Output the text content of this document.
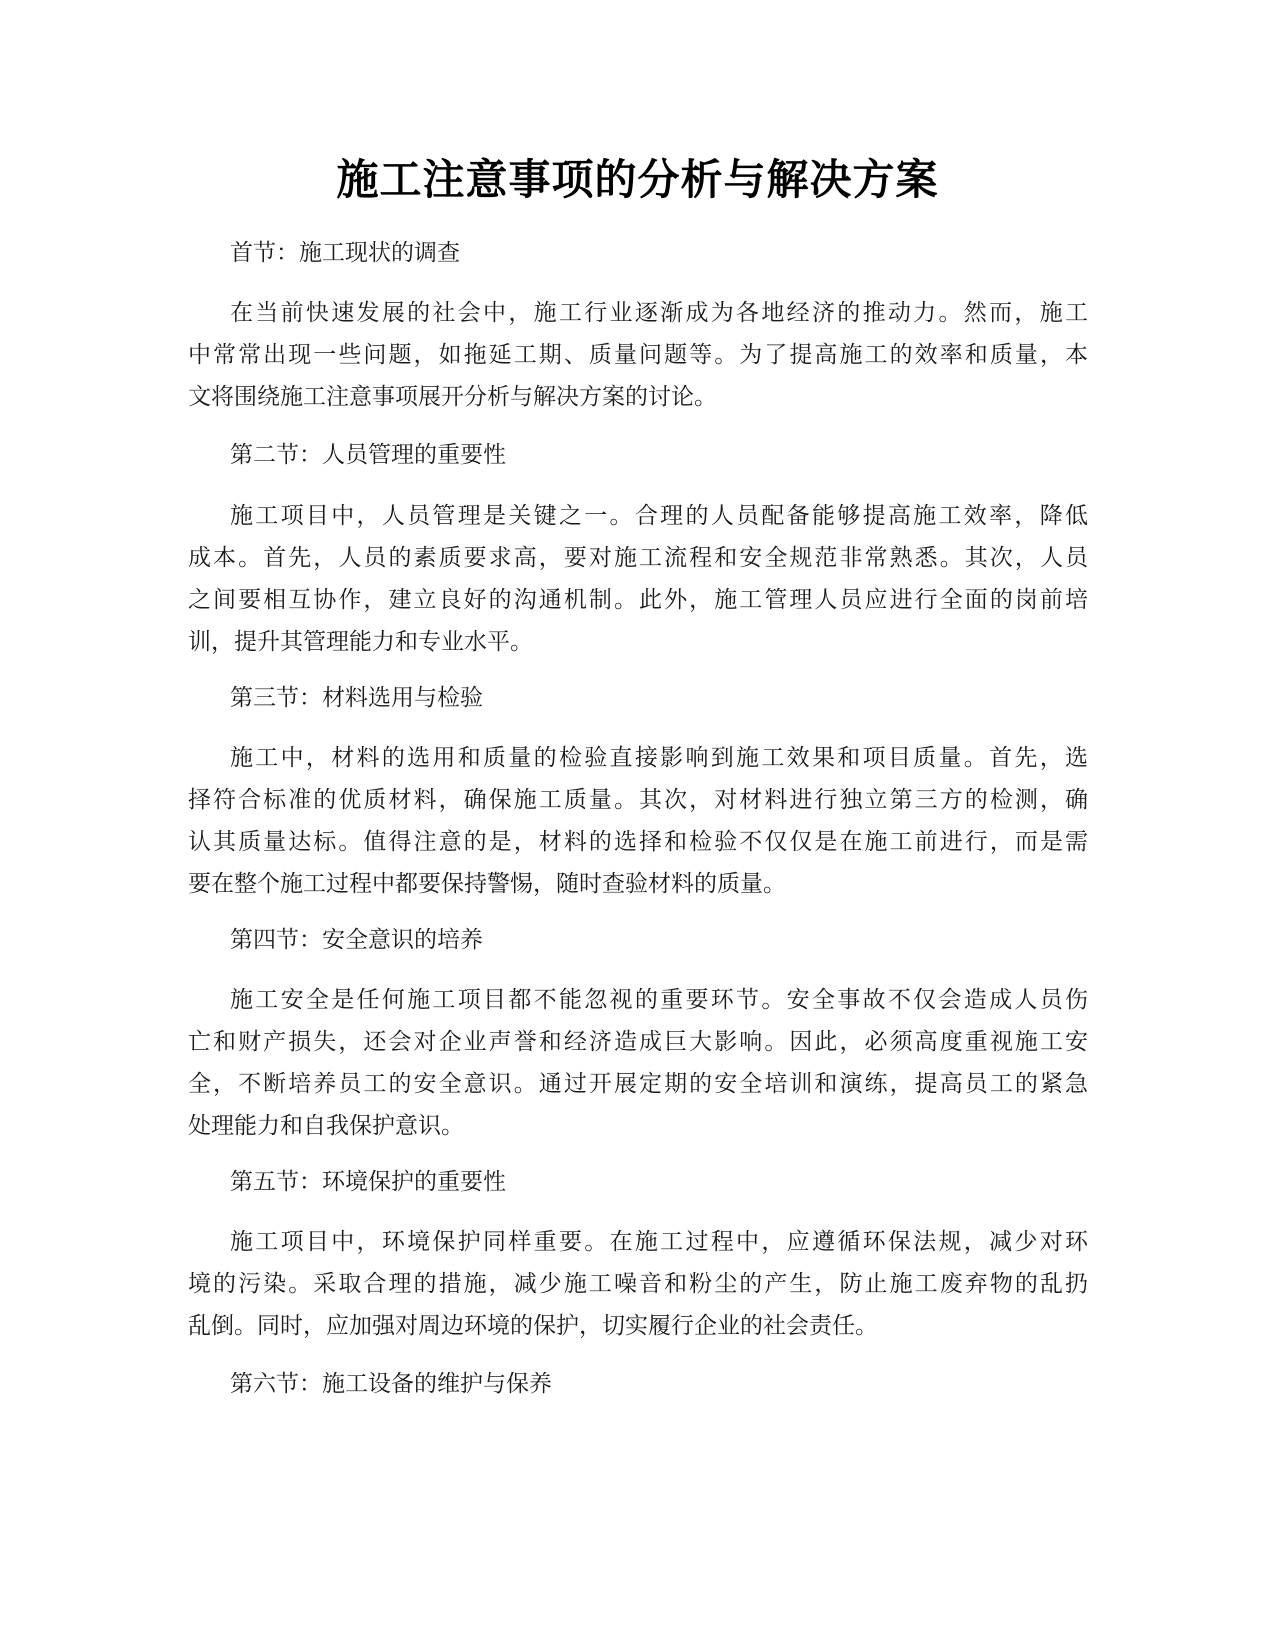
施工注意事项的分析与解决方案
首节：施工现状的调查
在当前快速发展的社会中，施工行业逐渐成为各地经济的推动力。然而，施工
中常常出现一些问题，如拖延工期、质量问题等。为了提高施工的效率和质量，本
文将围绕施工注意事项展开分析与解决方案的讨论。
第二节：人员管理的重要性
施工项目中，人员管理是关键之一。合理的人员配备能够提高施工效率，降低
成本。首先，人员的素质要求高，要对施工流程和安全规范非常熟悉。其次，人员
之间要相互协作，建立良好的沟通机制。此外，施工管理人员应进行全面的岗前培
训，提升其管理能力和专业水平。
第三节：材料选用与检验
施工中，材料的选用和质量的检验直接影响到施工效果和项目质量。首先，选
择符合标准的优质材料，确保施工质量。其次，对材料进行独立第三方的检测，确
认其质量达标。值得注意的是，材料的选择和检验不仅仅是在施工前进行，而是需
要在整个施工过程中都要保持警惕，随时查验材料的质量。
第四节：安全意识的培养
施工安全是任何施工项目都不能忽视的重要环节。安全事故不仅会造成人员伤
亡和财产损失，还会对企业声誉和经济造成巨大影响。因此，必须高度重视施工安
全，不断培养员工的安全意识。通过开展定期的安全培训和演练，提高员工的紧急
处理能力和自我保护意识。
第五节：环境保护的重要性
施工项目中，环境保护同样重要。在施工过程中，应遵循环保法规，减少对环
境的污染。采取合理的措施，减少施工噪音和粉尘的产生，防止施工废弃物的乱扔
乱倒。同时，应加强对周边环境的保护，切实履行企业的社会责任。
第六节：施工设备的维护与保养
